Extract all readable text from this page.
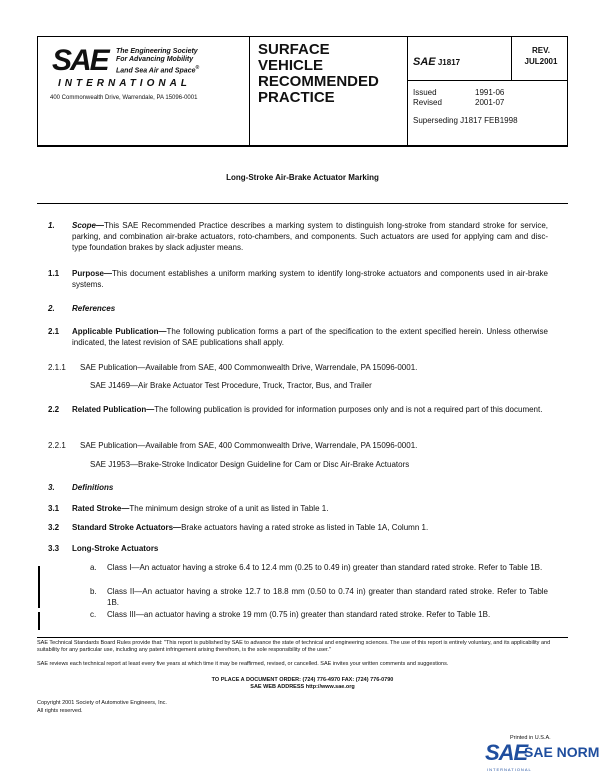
SAE The Engineering Society
For Advancing Mobility
Land Sea Air and Space®
INTERNATIONAL
400 Commonwealth Drive, Warrendale, PA 15096-0001
SURFACE
VEHICLE
RECOMMENDED
PRACTICE
SAE J1817
REV.
JUL2001
Issued	1991-06
Revised	2001-07
Superseding J1817 FEB1998
Long-Stroke Air-Brake Actuator Marking
1. Scope—This SAE Recommended Practice describes a marking system to distinguish long-stroke from standard stroke for service, parking, and combination air-brake actuators, roto-chambers, and components. Such actuators are used for applying cam and disc-type foundation brakes by slack adjuster means.
1.1 Purpose—This document establishes a uniform marking system to identify long-stroke actuators and components used in air-brake systems.
2. References
2.1 Applicable Publication—The following publication forms a part of the specification to the extent specified herein. Unless otherwise indicated, the latest revision of SAE publications shall apply.
2.1.1 SAE Publication—Available from SAE, 400 Commonwealth Drive, Warrendale, PA 15096-0001.
SAE J1469—Air Brake Actuator Test Procedure, Truck, Tractor, Bus, and Trailer
2.2 Related Publication—The following publication is provided for information purposes only and is not a required part of this document.
2.2.1 SAE Publication—Available from SAE, 400 Commonwealth Drive, Warrendale, PA 15096-0001.
SAE J1953—Brake-Stroke Indicator Design Guideline for Cam or Disc Air-Brake Actuators
3. Definitions
3.1 Rated Stroke—The minimum design stroke of a unit as listed in Table 1.
3.2 Standard Stroke Actuators—Brake actuators having a rated stroke as listed in Table 1A, Column 1.
3.3 Long-Stroke Actuators
a. Class I—An actuator having a stroke 6.4 to 12.4 mm (0.25 to 0.49 in) greater than standard rated stroke. Refer to Table 1B.
b. Class II—An actuator having a stroke 12.7 to 18.8 mm (0.50 to 0.74 in) greater than standard rated stroke. Refer to Table 1B.
c. Class III—an actuator having a stroke 19 mm (0.75 in) greater than standard rated stroke. Refer to Table 1B.
SAE Technical Standards Board Rules provide that: "This report is published by SAE to advance the state of technical and engineering sciences. The use of this report is entirely voluntary, and its applicability and suitability for any particular use, including any patent infringement arising therefrom, is the sole responsibility of the user."
SAE reviews each technical report at least every five years at which time it may be reaffirmed, revised, or cancelled. SAE invites your written comments and suggestions.
TO PLACE A DOCUMENT ORDER: (724) 776-4970 FAX: (724) 776-0790
SAE WEB ADDRESS http://www.sae.org
Copyright 2001 Society of Automotive Engineers, Inc.
All rights reserved.
Printed in U.S.A.
SAE
SAE NORM
INTERNATIONAL
